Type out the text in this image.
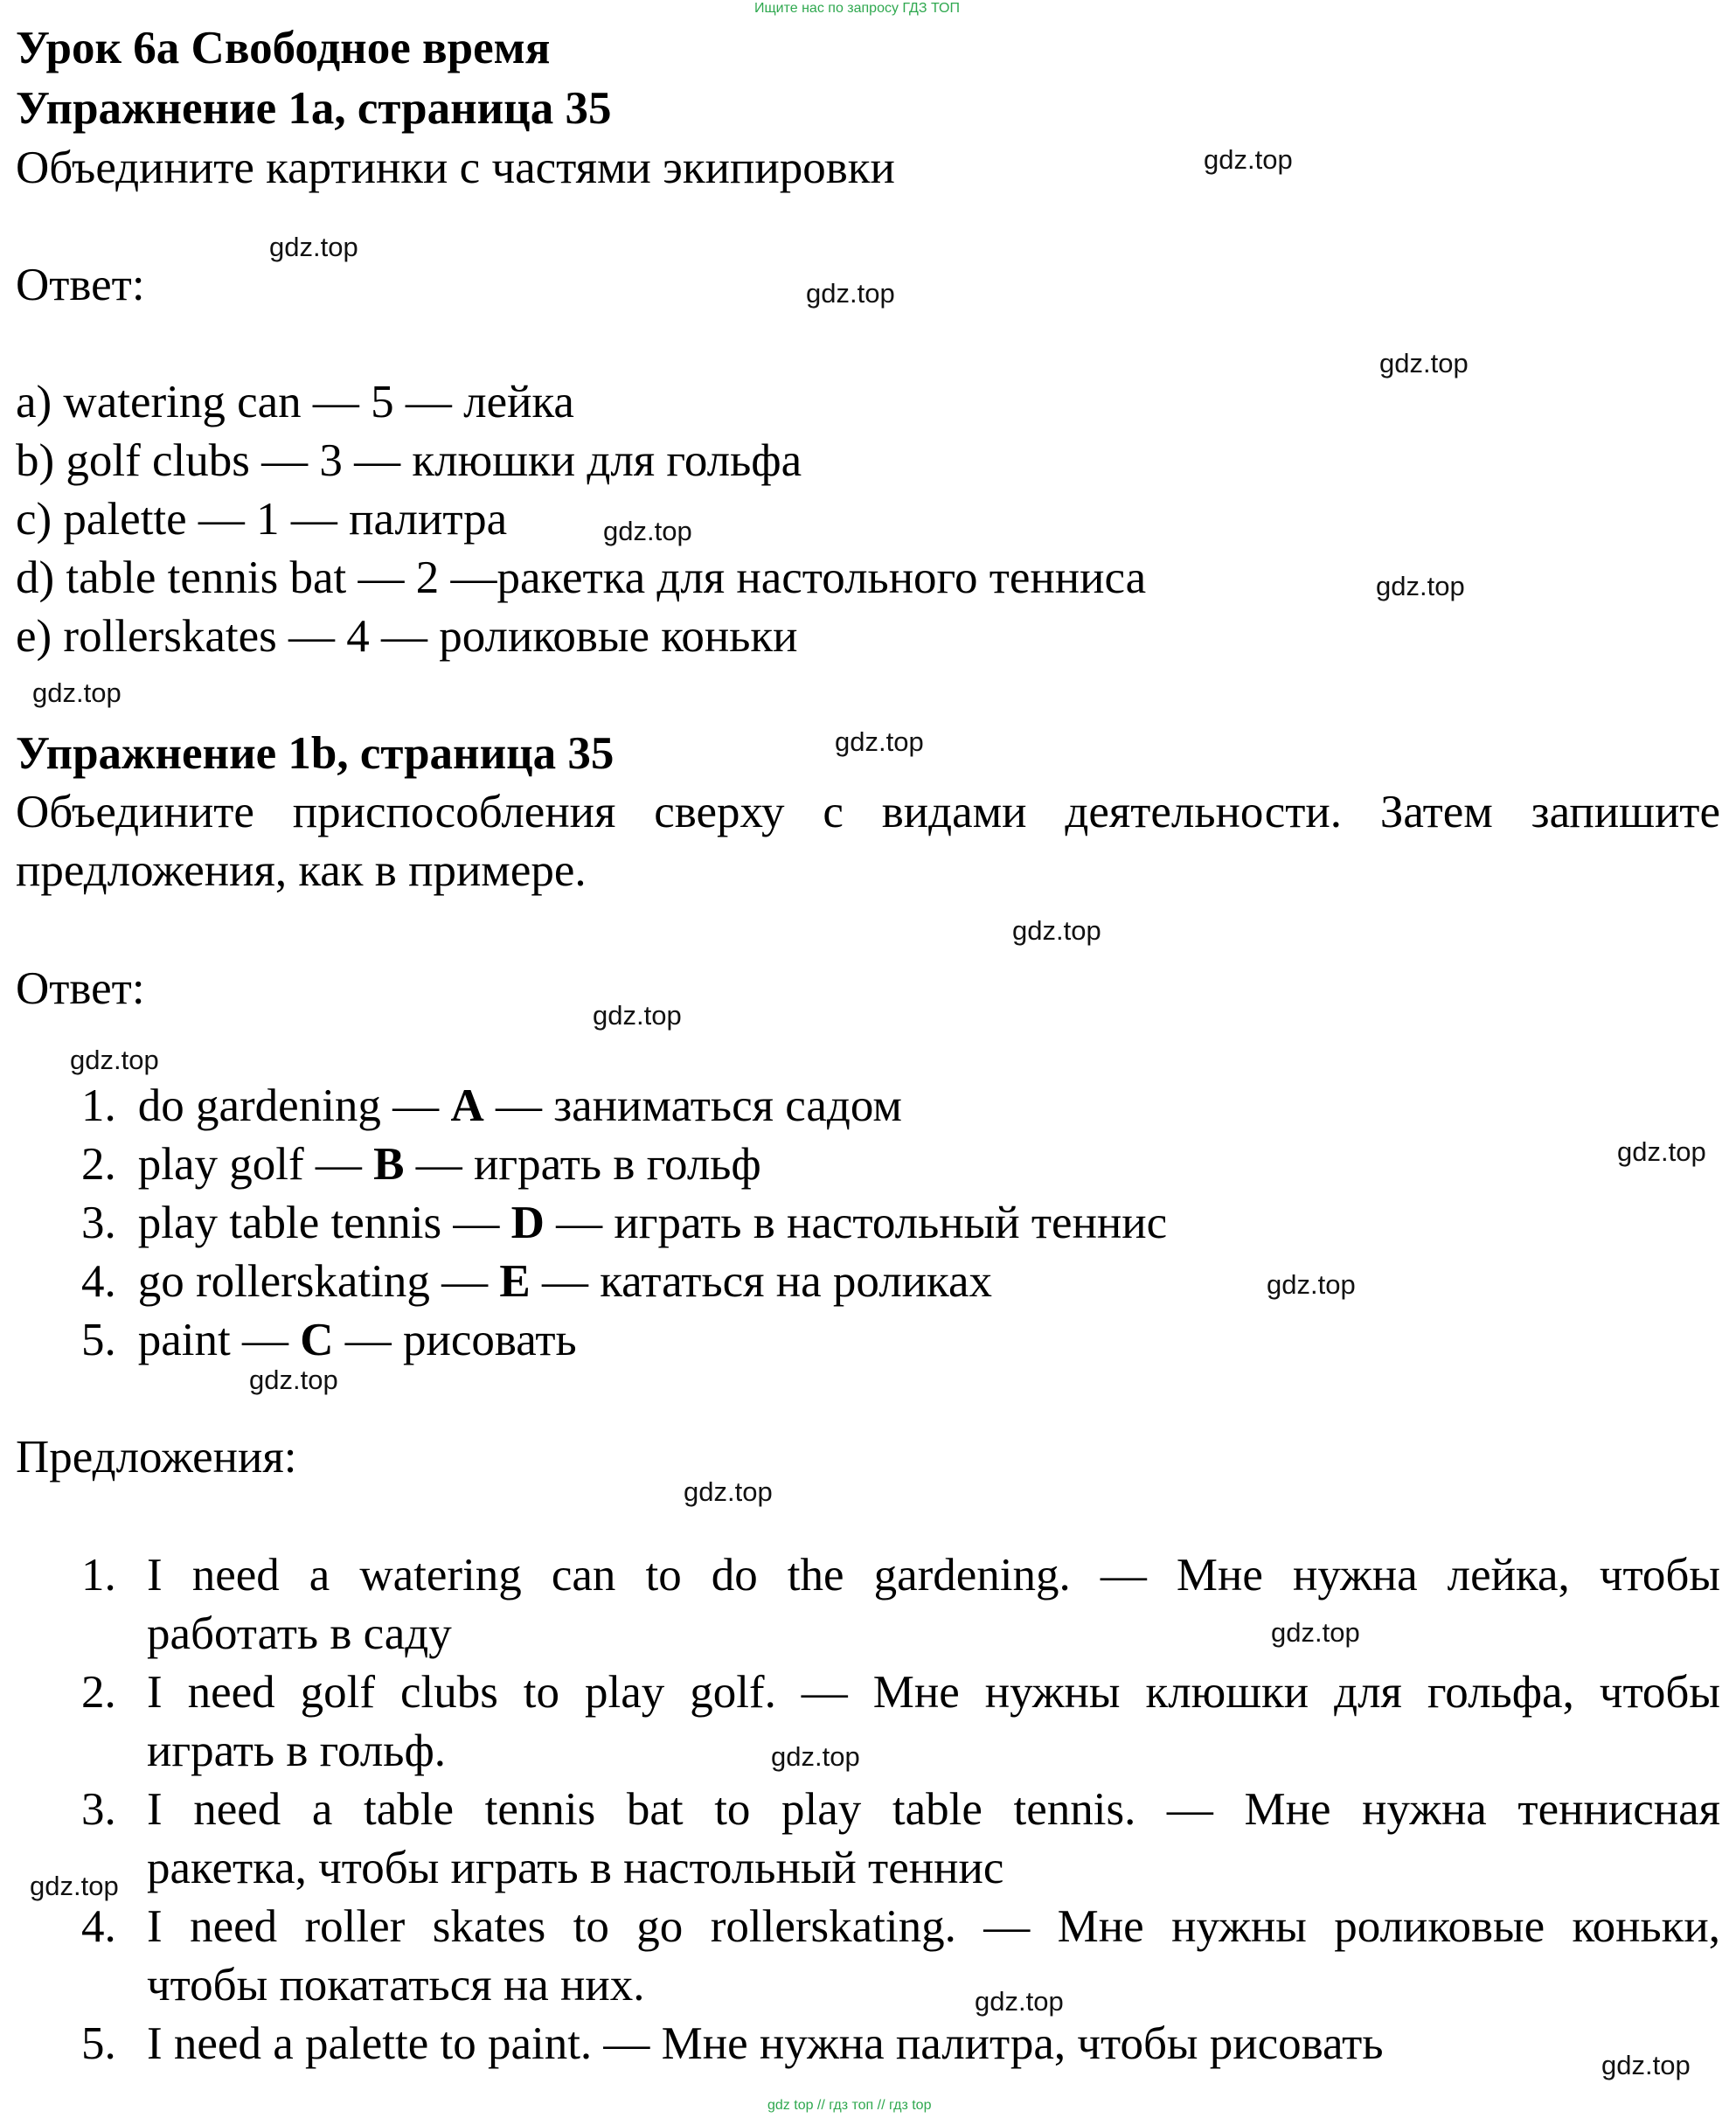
Ищите нас по запросу ГДЗ ТОП
Урок 6а Свободное время
Упражнение 1a, страница 35
Объедините картинки с частями экипировки
Ответ:
a) watering can — 5 — лейка
b) golf clubs — 3 — клюшки для гольфа
c) palette — 1 — палитра
d) table tennis bat — 2 —ракетка для настольного тенниса
e) rollerskates — 4 — роликовые коньки
Упражнение 1b, страница 35
Объедините приспособления сверху с видами деятельности. Затем запишите
предложения, как в примере.
Ответ:
1. do gardening — A — заниматься садом
2. play golf — B — играть в гольф
3. play table tennis — D — играть в настольный теннис
4. go rollerskating — E — кататься на роликах
5. paint — C — рисовать
Предложения:
1. I need a watering can to do the gardening. — Мне нужна лейка, чтобы
работать в саду
2. I need golf clubs to play golf. — Мне нужны клюшки для гольфа, чтобы
играть в гольф.
3. I need a table tennis bat to play table tennis. — Мне нужна теннисная
ракетка, чтобы играть в настольный теннис
4. I need roller skates to go rollerskating. — Мне нужны роликовые коньки,
чтобы покататься на них.
5. I need a palette to paint. — Мне нужна палитра, чтобы рисовать
gdz.top
gdz.top
gdz.top
gdz.top
gdz.top
gdz.top
gdz.top
gdz.top
gdz.top
gdz.top
gdz.top
gdz.top
gdz.top
gdz.top
gdz.top
gdz.top
gdz.top
gdz.top
gdz.top
gdz.top
gdz top // гдз топ // гдз top
